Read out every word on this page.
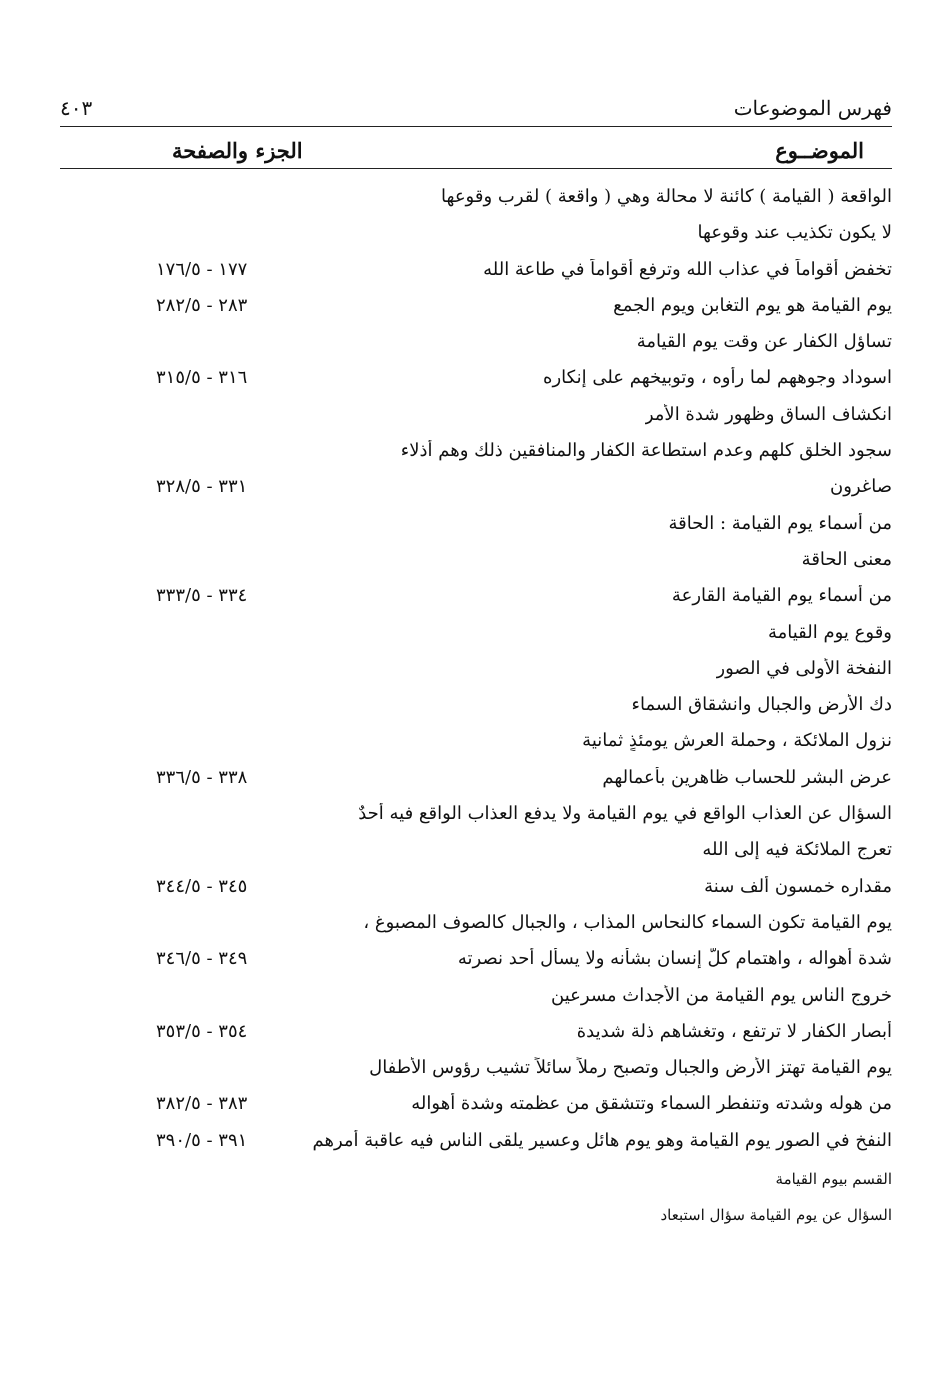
فهرس الموضوعات
٤٠٣
الموضــوع
الجزء والصفحة
الواقعة ( القيامة ) كائنة لا محالة وهي ( واقعة ) لقرب وقوعها
لا يكون تكذيب عند وقوعها
تخفض أقواماً في عذاب الله وترفع أقواماً في طاعة الله
١٧٧ - ١٧٦/٥
يوم القيامة هو يوم التغابن ويوم الجمع
٢٨٣ - ٢٨٢/٥
تساؤل الكفار عن وقت يوم القيامة
اسوداد وجوههم لما رأوه ، وتوبيخهم على إنكاره
٣١٦ - ٣١٥/٥
انكشاف الساق وظهور شدة الأمر
سجود الخلق كلهم وعدم استطاعة الكفار والمنافقين ذلك وهم أذلاء
صاغرون
٣٣١ - ٣٢٨/٥
من أسماء يوم القيامة : الحاقة
معنى الحاقة
من أسماء يوم القيامة القارعة
٣٣٤ - ٣٣٣/٥
وقوع يوم القيامة
النفخة الأولى في الصور
دك الأرض والجبال وانشقاق السماء
نزول الملائكة ، وحملة العرش يومئذٍ ثمانية
عرض البشر للحساب ظاهرين بأعمالهم
٣٣٨ - ٣٣٦/٥
السؤال عن العذاب الواقع في يوم القيامة ولا يدفع العذاب الواقع فيه أحدٌ
تعرج الملائكة فيه إلى الله
مقداره خمسون ألف سنة
٣٤٥ - ٣٤٤/٥
يوم القيامة تكون السماء كالنحاس المذاب ، والجبال كالصوف المصبوغ ،
شدة أهواله ، واهتمام كلّ إنسان بشأنه ولا يسأل أحد نصرته
٣٤٩ - ٣٤٦/٥
خروج الناس يوم القيامة من الأجداث مسرعين
أبصار الكفار لا ترتفع ، وتغشاهم ذلة شديدة
٣٥٤ - ٣٥٣/٥
يوم القيامة تهتز الأرض والجبال وتصبح رملاً سائلاً تشيب رؤوس الأطفال
من هوله وشدته وتنفطر السماء وتتشقق من عظمته وشدة أهواله
٣٨٣ - ٣٨٢/٥
النفخ في الصور يوم القيامة وهو يوم هائل وعسير يلقى الناس فيه عاقبة أمرهم
٣٩١ - ٣٩٠/٥
القسم بيوم القيامة
السؤال عن يوم القيامة سؤال استبعاد
